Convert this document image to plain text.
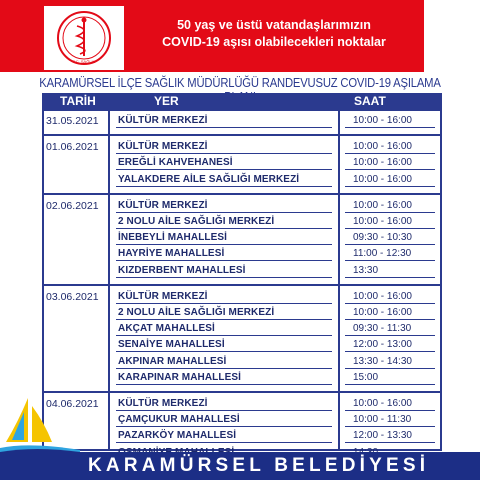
T.C. SAĞLIK
50 yaş ve üstü vatandaşlarımızın
COVID-19 aşısı olabilecekleri noktalar
KARAMÜRSEL İLÇE SAĞLIK MÜDÜRLÜĞÜ RANDEVUSUZ COVID-19 AŞILAMA
TARİH	YER	SAAT
31.05.2021 KÜLTÜR MERKEZİ	10:00 - 16:00
01.06.2021 KÜLTÜR MERKEZİ	10:00 - 16:00
EREĞLİ KAHVEHANESİ	10:00 - 16:00
YALAKDERE AİLE SAĞLIĞI MERKEZİ	10:00 - 16:00
02.06.2021 KÜLTÜR MERKEZİ	10:00 - 16:00
2 NOLU AİLE SAĞLIĞI MERKEZİ	10:00 - 16:00
İNEBEYLİ MAHALLESİ	09:30 - 10:30
HAYRİYE MAHALLESİ	11:00 - 12:30
KIZDERBENT MAHALLESİ	13:30
03.06.2021 KÜLTÜR MERKEZİ	10:00 - 16:00
2 NOLU AİLE SAĞLIĞI MERKEZİ	10:00 - 16:00
AKÇAT MAHALLESİ	09:30 - 11:30
SENAİYE MAHALLESİ	12:00 - 13:00
AKPINAR MAHALLESİ	13:30 - 14:30
KARAPINAR MAHALLESİ	15:00
04.06.2021 KÜLTÜR MERKEZİ	10:00 - 16:00
ÇAMÇUKUR MAHALLESİ	10:00 - 11:30
PAZARKÖY MAHALLESİ	12:00 - 13:30
KARAMÜRSEL BELEDİYESİ
